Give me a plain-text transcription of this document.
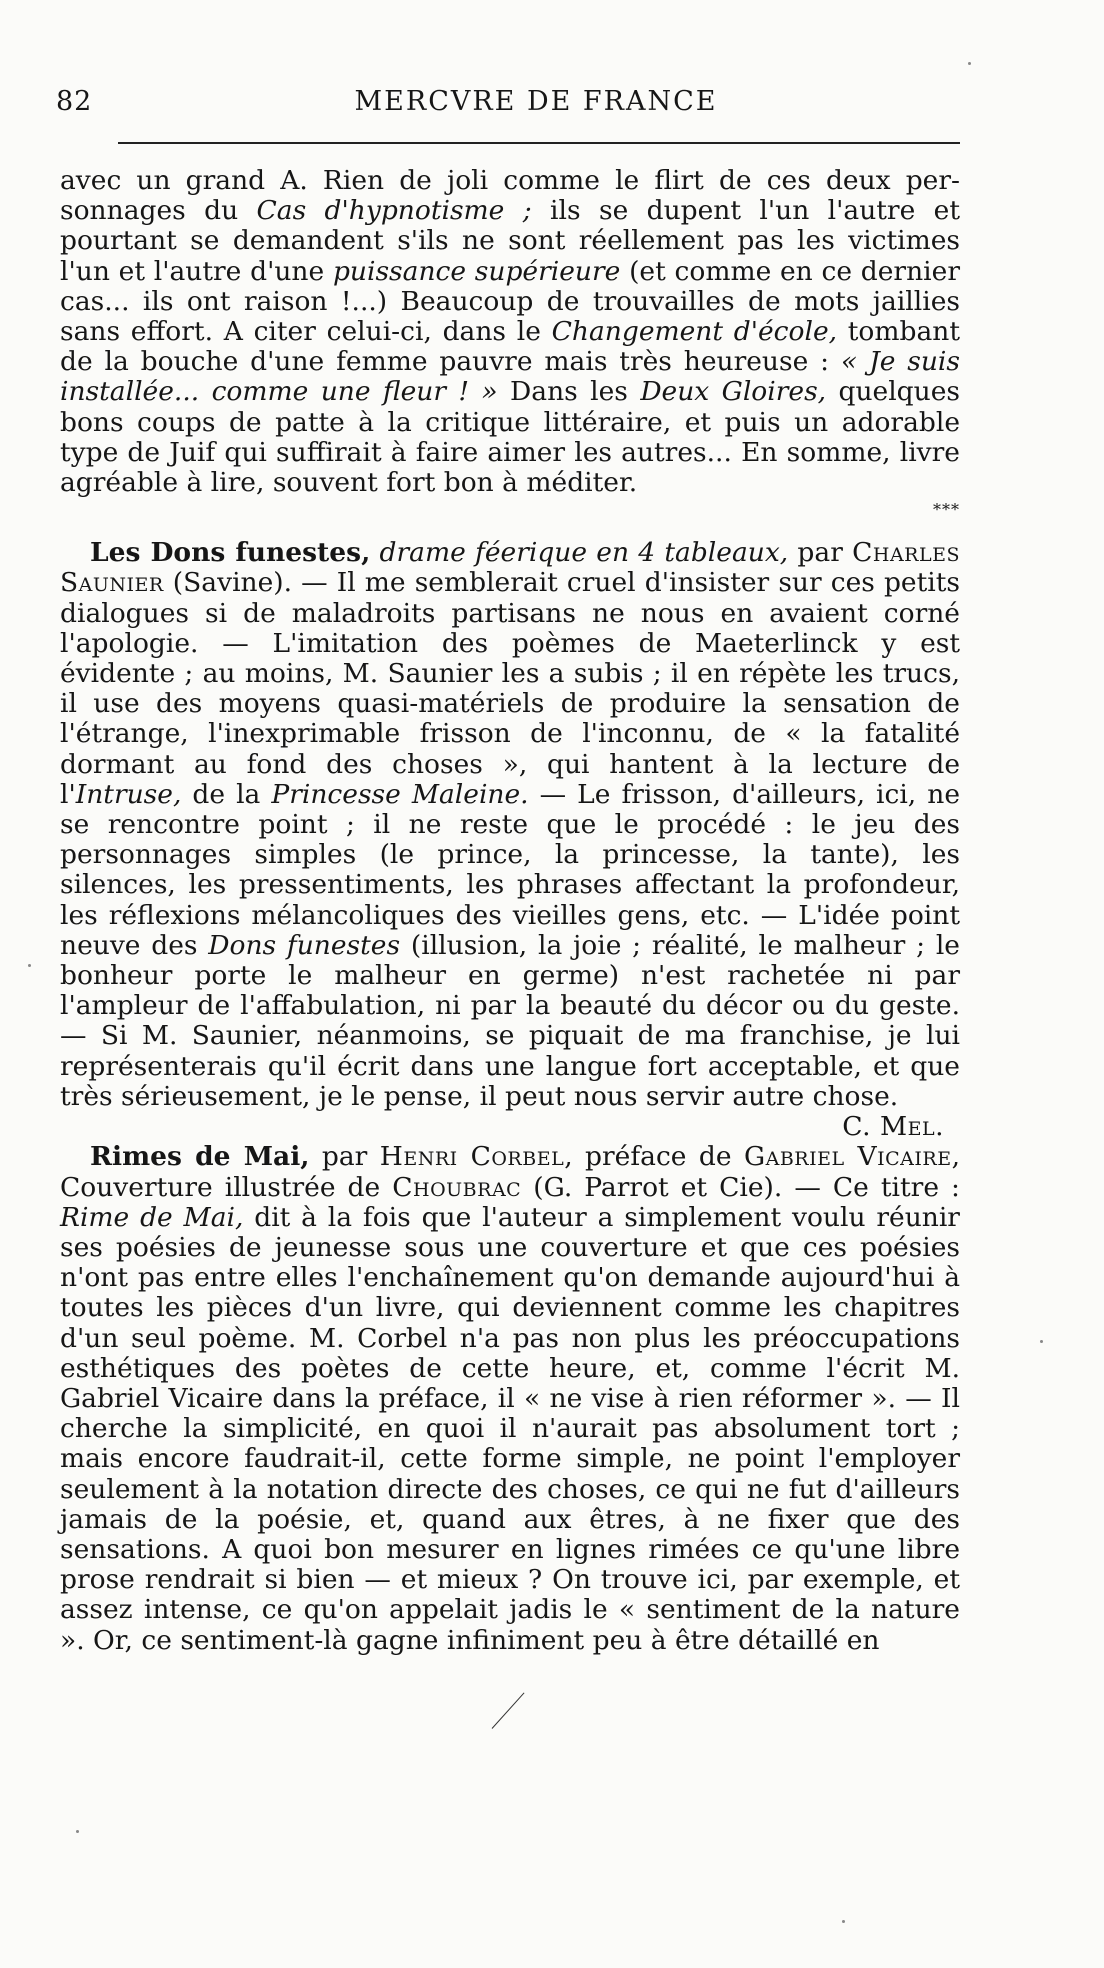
82	MERCVRE DE FRANCE

avec un grand A. Rien de joli comme le flirt de ces deux per-sonnages du Cas d'hypnotisme ; ils se dupent l'un l'autre et pourtant se demandent s'ils ne sont réellement pas les victimes l'un et l'autre d'une puissance supérieure (et comme en ce dernier cas... ils ont raison !...) Beaucoup de trouvailles de mots jaillies sans effort. A citer celui-ci, dans le Changement d'école, tombant de la bouche d'une femme pauvre mais très heureuse : « Je suis installée... comme une fleur ! » Dans les Deux Gloires, quelques bons coups de patte à la critique littéraire, et puis un adorable type de Juif qui suffirait à faire aimer les autres... En somme, livre agréable à lire, souvent fort bon à méditer.

***

Les Dons funestes, drame féerique en 4 tableaux, par Charles Saunier (Savine). — Il me semblerait cruel d'insister sur ces petits dialogues si de maladroits partisans ne nous en avaient corné l'apologie. — L'imitation des poèmes de Maeterlinck y est évidente ; au moins, M. Saunier les a subis ; il en répète les trucs, il use des moyens quasi-matériels de produire la sensation de l'étrange, l'inexprimable frisson de l'inconnu, de « la fatalité dormant au fond des choses », qui hantent à la lecture de l'Intruse, de la Princesse Maleine. — Le frisson, d'ailleurs, ici, ne se rencontre point ; il ne reste que le procédé : le jeu des personnages simples (le prince, la princesse, la tante), les silences, les pressentiments, les phrases affectant la profondeur, les réflexions mélancoliques des vieilles gens, etc. — L'idée point neuve des Dons funestes (illusion, la joie ; réalité, le malheur ; le bonheur porte le malheur en germe) n'est rachetée ni par l'ampleur de l'affabulation, ni par la beauté du décor ou du geste. — Si M. Saunier, néanmoins, se piquait de ma franchise, je lui représenterais qu'il écrit dans une langue fort acceptable, et que très sérieusement, je le pense, il peut nous servir autre chose.

C. Mel.

Rimes de Mai, par Henri Corbel, préface de Gabriel Vicaire, Couverture illustrée de Choubrac (G. Parrot et Cie). — Ce titre : Rime de Mai, dit à la fois que l'auteur a simplement voulu réunir ses poésies de jeunesse sous une couverture et que ces poésies n'ont pas entre elles l'enchaînement qu'on demande aujourd'hui à toutes les pièces d'un livre, qui deviennent comme les chapitres d'un seul poème. M. Corbel n'a pas non plus les préoccupations esthétiques des poètes de cette heure, et, comme l'écrit M. Gabriel Vicaire dans la préface, il « ne vise à rien réformer ». — Il cherche la simplicité, en quoi il n'aurait pas absolument tort ; mais encore faudrait-il, cette forme simple, ne point l'employer seulement à la notation directe des choses, ce qui ne fut d'ailleurs jamais de la poésie, et, quand aux êtres, à ne fixer que des sensations. A quoi bon mesurer en lignes rimées ce qu'une libre prose rendrait si bien — et mieux ? On trouve ici, par exemple, et assez intense, ce qu'on appelait jadis le « sentiment de la nature ». Or, ce sentiment-là gagne infiniment peu à être détaillé en
